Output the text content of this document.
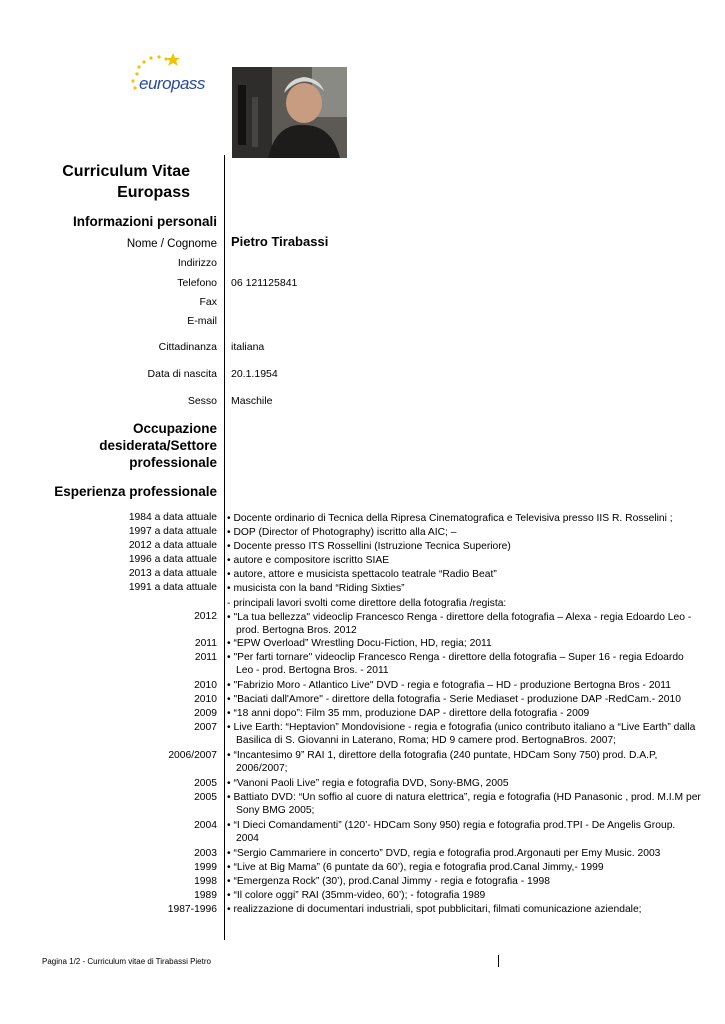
europass
Curriculum Vitae
Europass
Informazioni personali
Nome / Cognome Pietro Tirabassi
Indirizzo
Telefono 06 121125841
Fax
E-mail
Cittadinanza italiana
Data di nascita 20.1.1954
Sesso Maschile
Occupazione
desiderata/Settore
professionale
Esperienza professionale
1984 a data attuale • Docente ordinario di Tecnica della Ripresa Cinematografica e Televisiva presso IIS R. Rosselini ;
1997 a data attuale • DOP (Director of Photography) iscritto alla AIC; –
2012 a data attuale • Docente presso ITS Rossellini (Istruzione Tecnica Superiore)
1996 a data attuale • autore e compositore iscritto SIAE
2013 a data attuale • autore, attore e musicista spettacolo teatrale “Radio Beat”
1991 a data attuale • musicista con la band “Riding Sixties”
- principali lavori svolti come direttore della fotografia /regista:
2012 • "La tua bellezza" videoclip Francesco Renga - direttore della fotografia – Alexa - regia Edoardo Leo - prod. Bertogna Bros. 2012
2011 • “EPW Overload” Wrestling Docu-Fiction, HD, regia; 2011
2011 • "Per farti tornare" videoclip Francesco Renga - direttore della fotografia – Super 16 - regia Edoardo Leo - prod. Bertogna Bros. - 2011
2010 • "Fabrizio Moro - Atlantico Live" DVD - regia e fotografia – HD - produzione Bertogna Bros - 2011
2010 • "Baciati dall'Amore" - direttore della fotografia - Serie Mediaset - produzione DAP -RedCam.- 2010
2009 • “18 anni dopo”: Film 35 mm, produzione DAP - direttore della fotografia - 2009
2007 • Live Earth: “Heptavion” Mondovisione - regia e fotografia (unico contributo italiano a “Live Earth” dalla Basilica di S. Giovanni in Laterano, Roma; HD 9 camere prod. BertognaBros. 2007;
2006/2007 • “Incantesimo 9” RAI 1, direttore della fotografia (240 puntate, HDCam Sony 750) prod. D.A.P, 2006/2007;
2005 • “Vanoni Paoli Live” regia e fotografia DVD, Sony-BMG, 2005
2005 • Battiato DVD: “Un soffio al cuore di natura elettrica”, regia e fotografia (HD Panasonic , prod. M.I.M per Sony BMG 2005;
2004 • “I Dieci Comandamenti” (120’- HDCam Sony 950) regia e fotografia prod.TPI - De Angelis Group. 2004
2003 • “Sergio Cammariere in concerto” DVD, regia e fotografia prod.Argonauti per Emy Music. 2003
1999 • “Live at Big Mama” (6 puntate da 60’), regia e fotografia prod.Canal Jimmy,- 1999
1998 • “Emergenza Rock” (30’), prod.Canal Jimmy - regia e fotografia - 1998
1989 • “Il colore oggi” RAI (35mm-video, 60’); - fotografia 1989
1987-1996 • realizzazione di documentari industriali, spot pubblicitari, filmati comunicazione aziendale;
Pagina 1/2 - Curriculum vitae di Tirabassi Pietro
